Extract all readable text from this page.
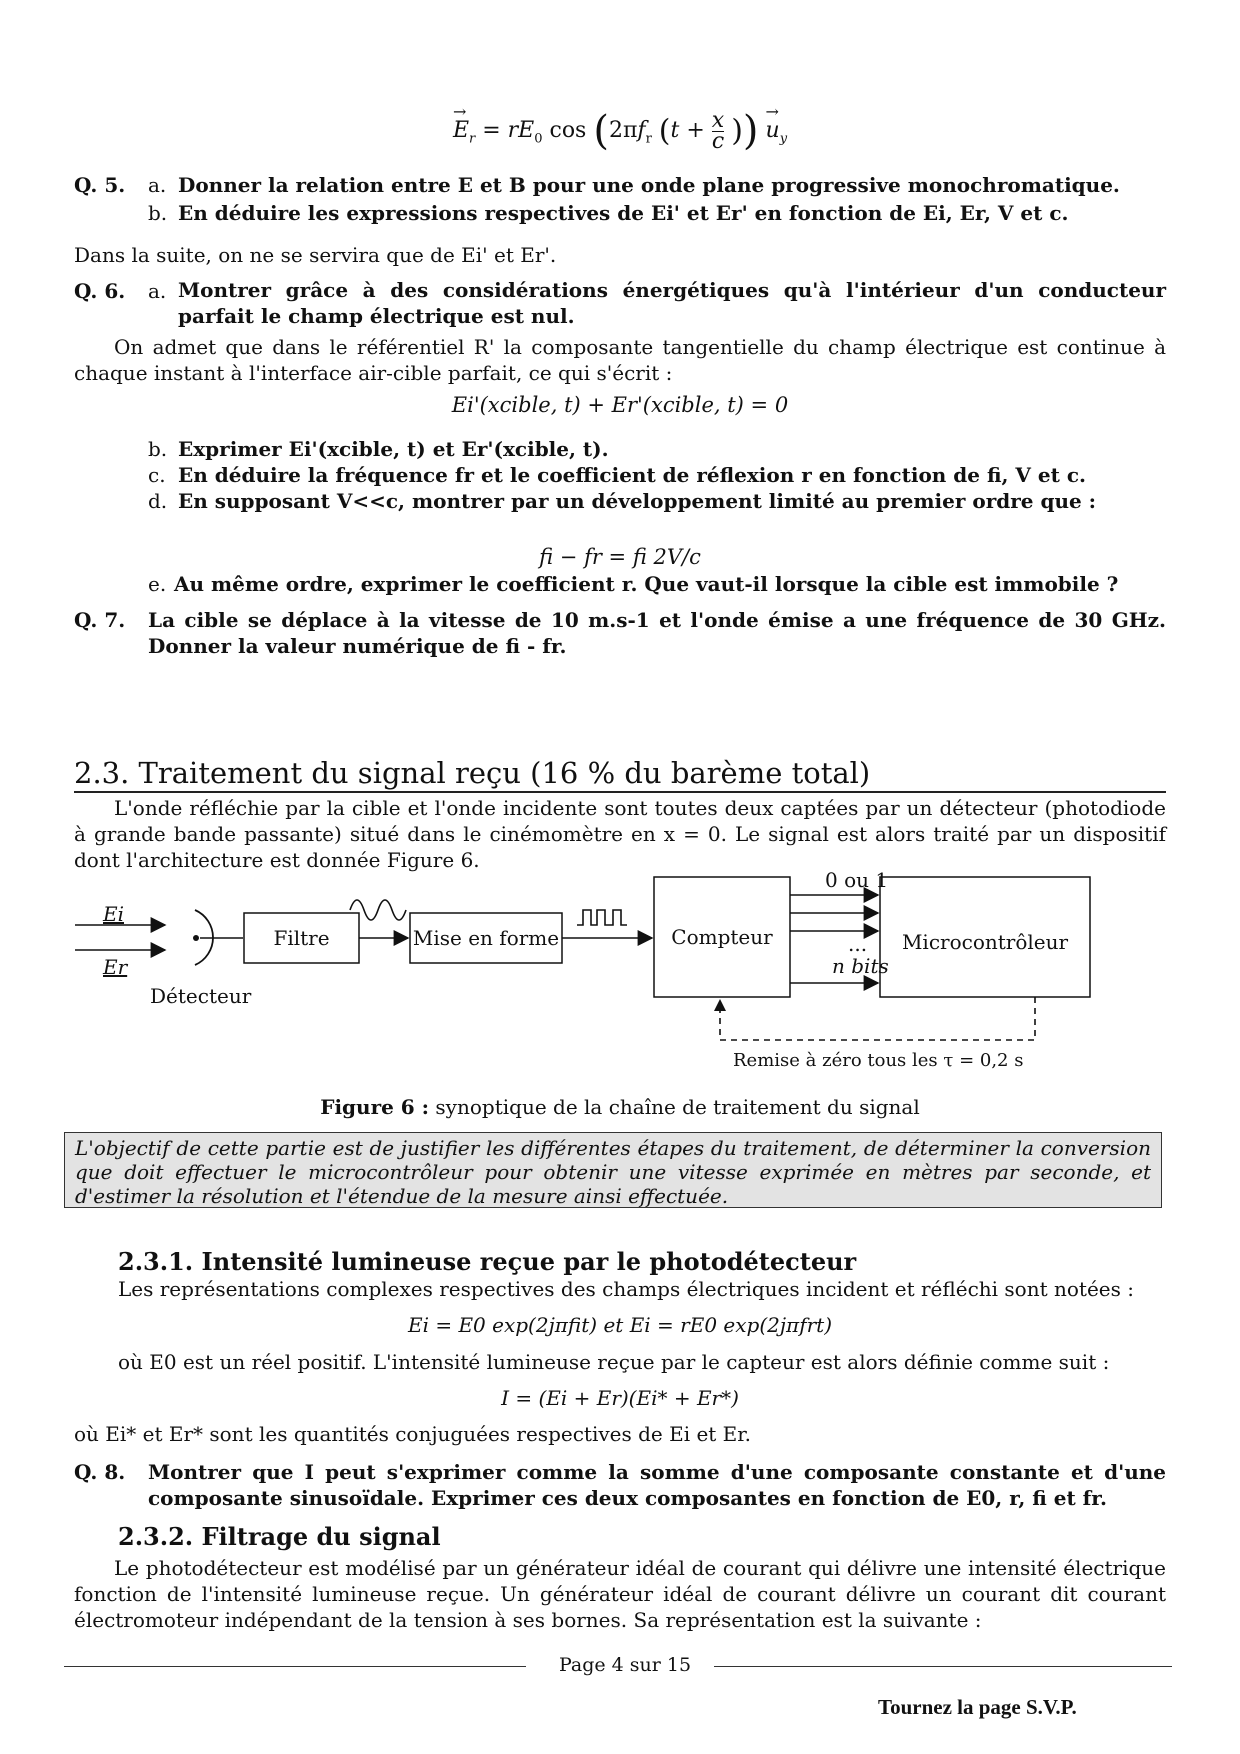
→ $E_r = rE_0$ $\cos (2\pi f_r$ ($t + \frac{x}{c}$ )) → $u_y$
Q. 5. a. Donner la relation entre E et B pour une onde plane progressive monochromatique.
b. En déduire les expressions respectives de Ei' et Er' en fonction de Ei, Er, V et c.
Dans la suite, on ne se servira que de Ei' et Er'.
Q. 6. a. Montrer grâce à des considérations énergétiques qu'à l'intérieur d'un conducteur parfait le champ électrique est nul.
On admet que dans le référentiel R' la composante tangentielle du champ électrique est continue à chaque instant à l'interface air-cible parfait, ce qui s'écrit :
Ei'(xcible, t) + Er'(xcible, t) = 0
b. Exprimer Ei'(xcible, t) et Er'(xcible, t).
c. En déduire la fréquence fr et le coefficient de réflexion r en fonction de fi, V et c.
d. En supposant V<<c, montrer par un développement limité au premier ordre que :
fi − fr = fi 2V/c
e. Au même ordre, exprimer le coefficient r. Que vaut-il lorsque la cible est immobile ?
Q. 7. La cible se déplace à la vitesse de 10 m.s-1 et l'onde émise a une fréquence de 30 GHz. Donner la valeur numérique de fi - fr.
2.3. Traitement du signal reçu (16 % du barème total)
L'onde réfléchie par la cible et l'onde incidente sont toutes deux captées par un détecteur (photodiode à grande bande passante) situé dans le cinémomètre en x = 0. Le signal est alors traité par un dispositif dont l'architecture est donnée Figure 6.
Ei
Er
Détecteur
Filtre	Mise en forme	Compteur	Microcontrôleur
0 ou 1
...
n bits
Remise à zéro tous les τ = 0,2 s
Figure 6 : synoptique de la chaîne de traitement du signal
L'objectif de cette partie est de justifier les différentes étapes du traitement, de déterminer la conversion que doit effectuer le microcontrôleur pour obtenir une vitesse exprimée en mètres par seconde, et d'estimer la résolution et l'étendue de la mesure ainsi effectuée.
2.3.1. Intensité lumineuse reçue par le photodétecteur
Les représentations complexes respectives des champs électriques incident et réfléchi sont notées :
Ei = E0 exp(2jπfit) et Ei = rE0 exp(2jπfrt)
où E0 est un réel positif. L'intensité lumineuse reçue par le capteur est alors définie comme suit :
I = (Ei + Er)(Ei* + Er*)
où Ei* et Er* sont les quantités conjuguées respectives de Ei et Er.
Q. 8. Montrer que I peut s'exprimer comme la somme d'une composante constante et d'une composante sinusoïdale. Exprimer ces deux composantes en fonction de E0, r, fi et fr.
2.3.2. Filtrage du signal
Le photodétecteur est modélisé par un générateur idéal de courant qui délivre une intensité électrique fonction de l'intensité lumineuse reçue. Un générateur idéal de courant délivre un courant dit courant électromoteur indépendant de la tension à ses bornes. Sa représentation est la suivante :
Page 4 sur 15
Tournez la page S.V.P.
